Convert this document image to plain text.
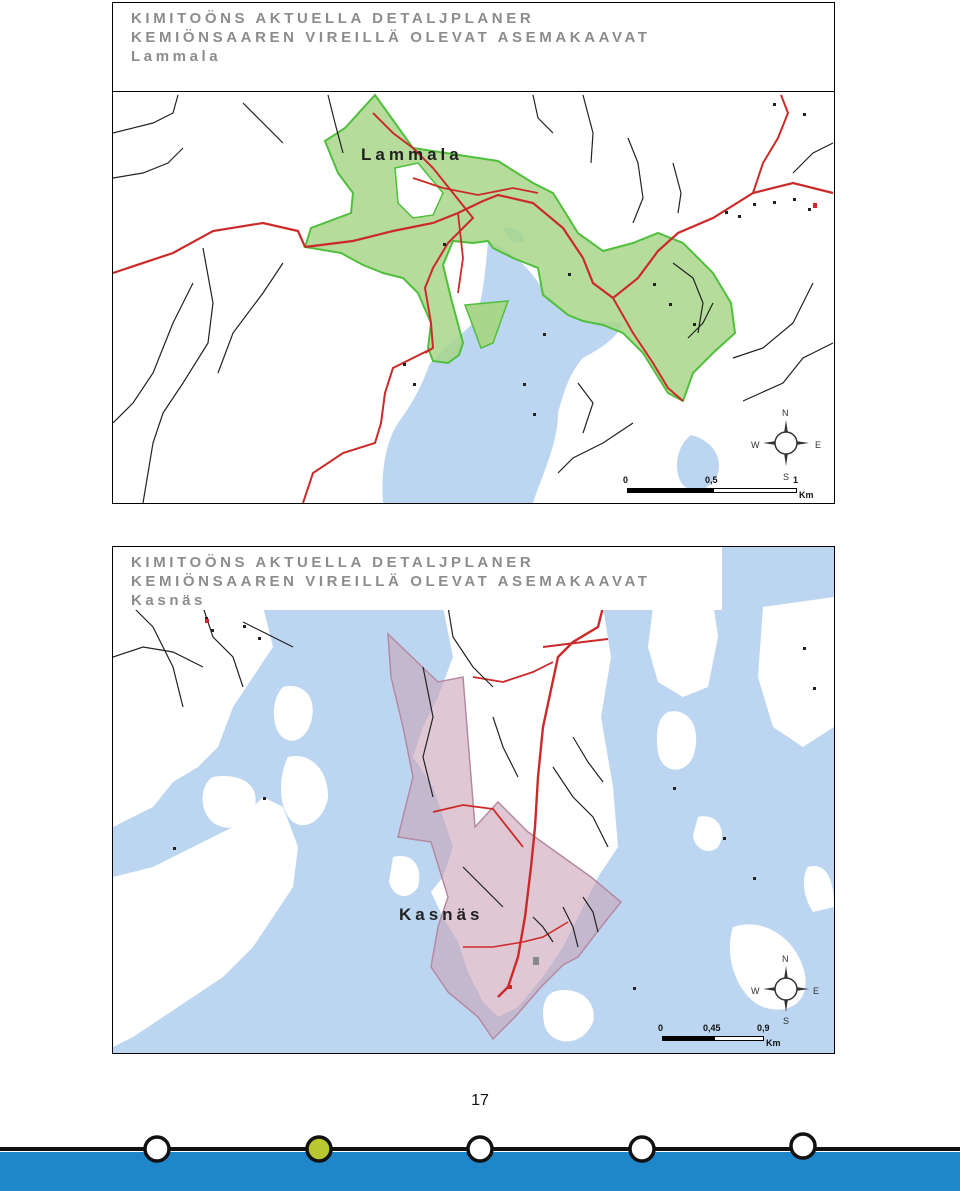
KIMITOÖNS AKTUELLA DETALJPLANER
KEMIÖNSAAREN VIREILLÄ OLEVAT ASEMAKAAVAT
Lammala
Lammala
N
W	E
S
0	0,5	1
Km
KIMITOÖNS AKTUELLA DETALJPLANER
KEMIÖNSAAREN VIREILLÄ OLEVAT ASEMAKAAVAT
Kasnäs
Kasnäs
N
W	E
S
0	0,45	0,9
Km
17
